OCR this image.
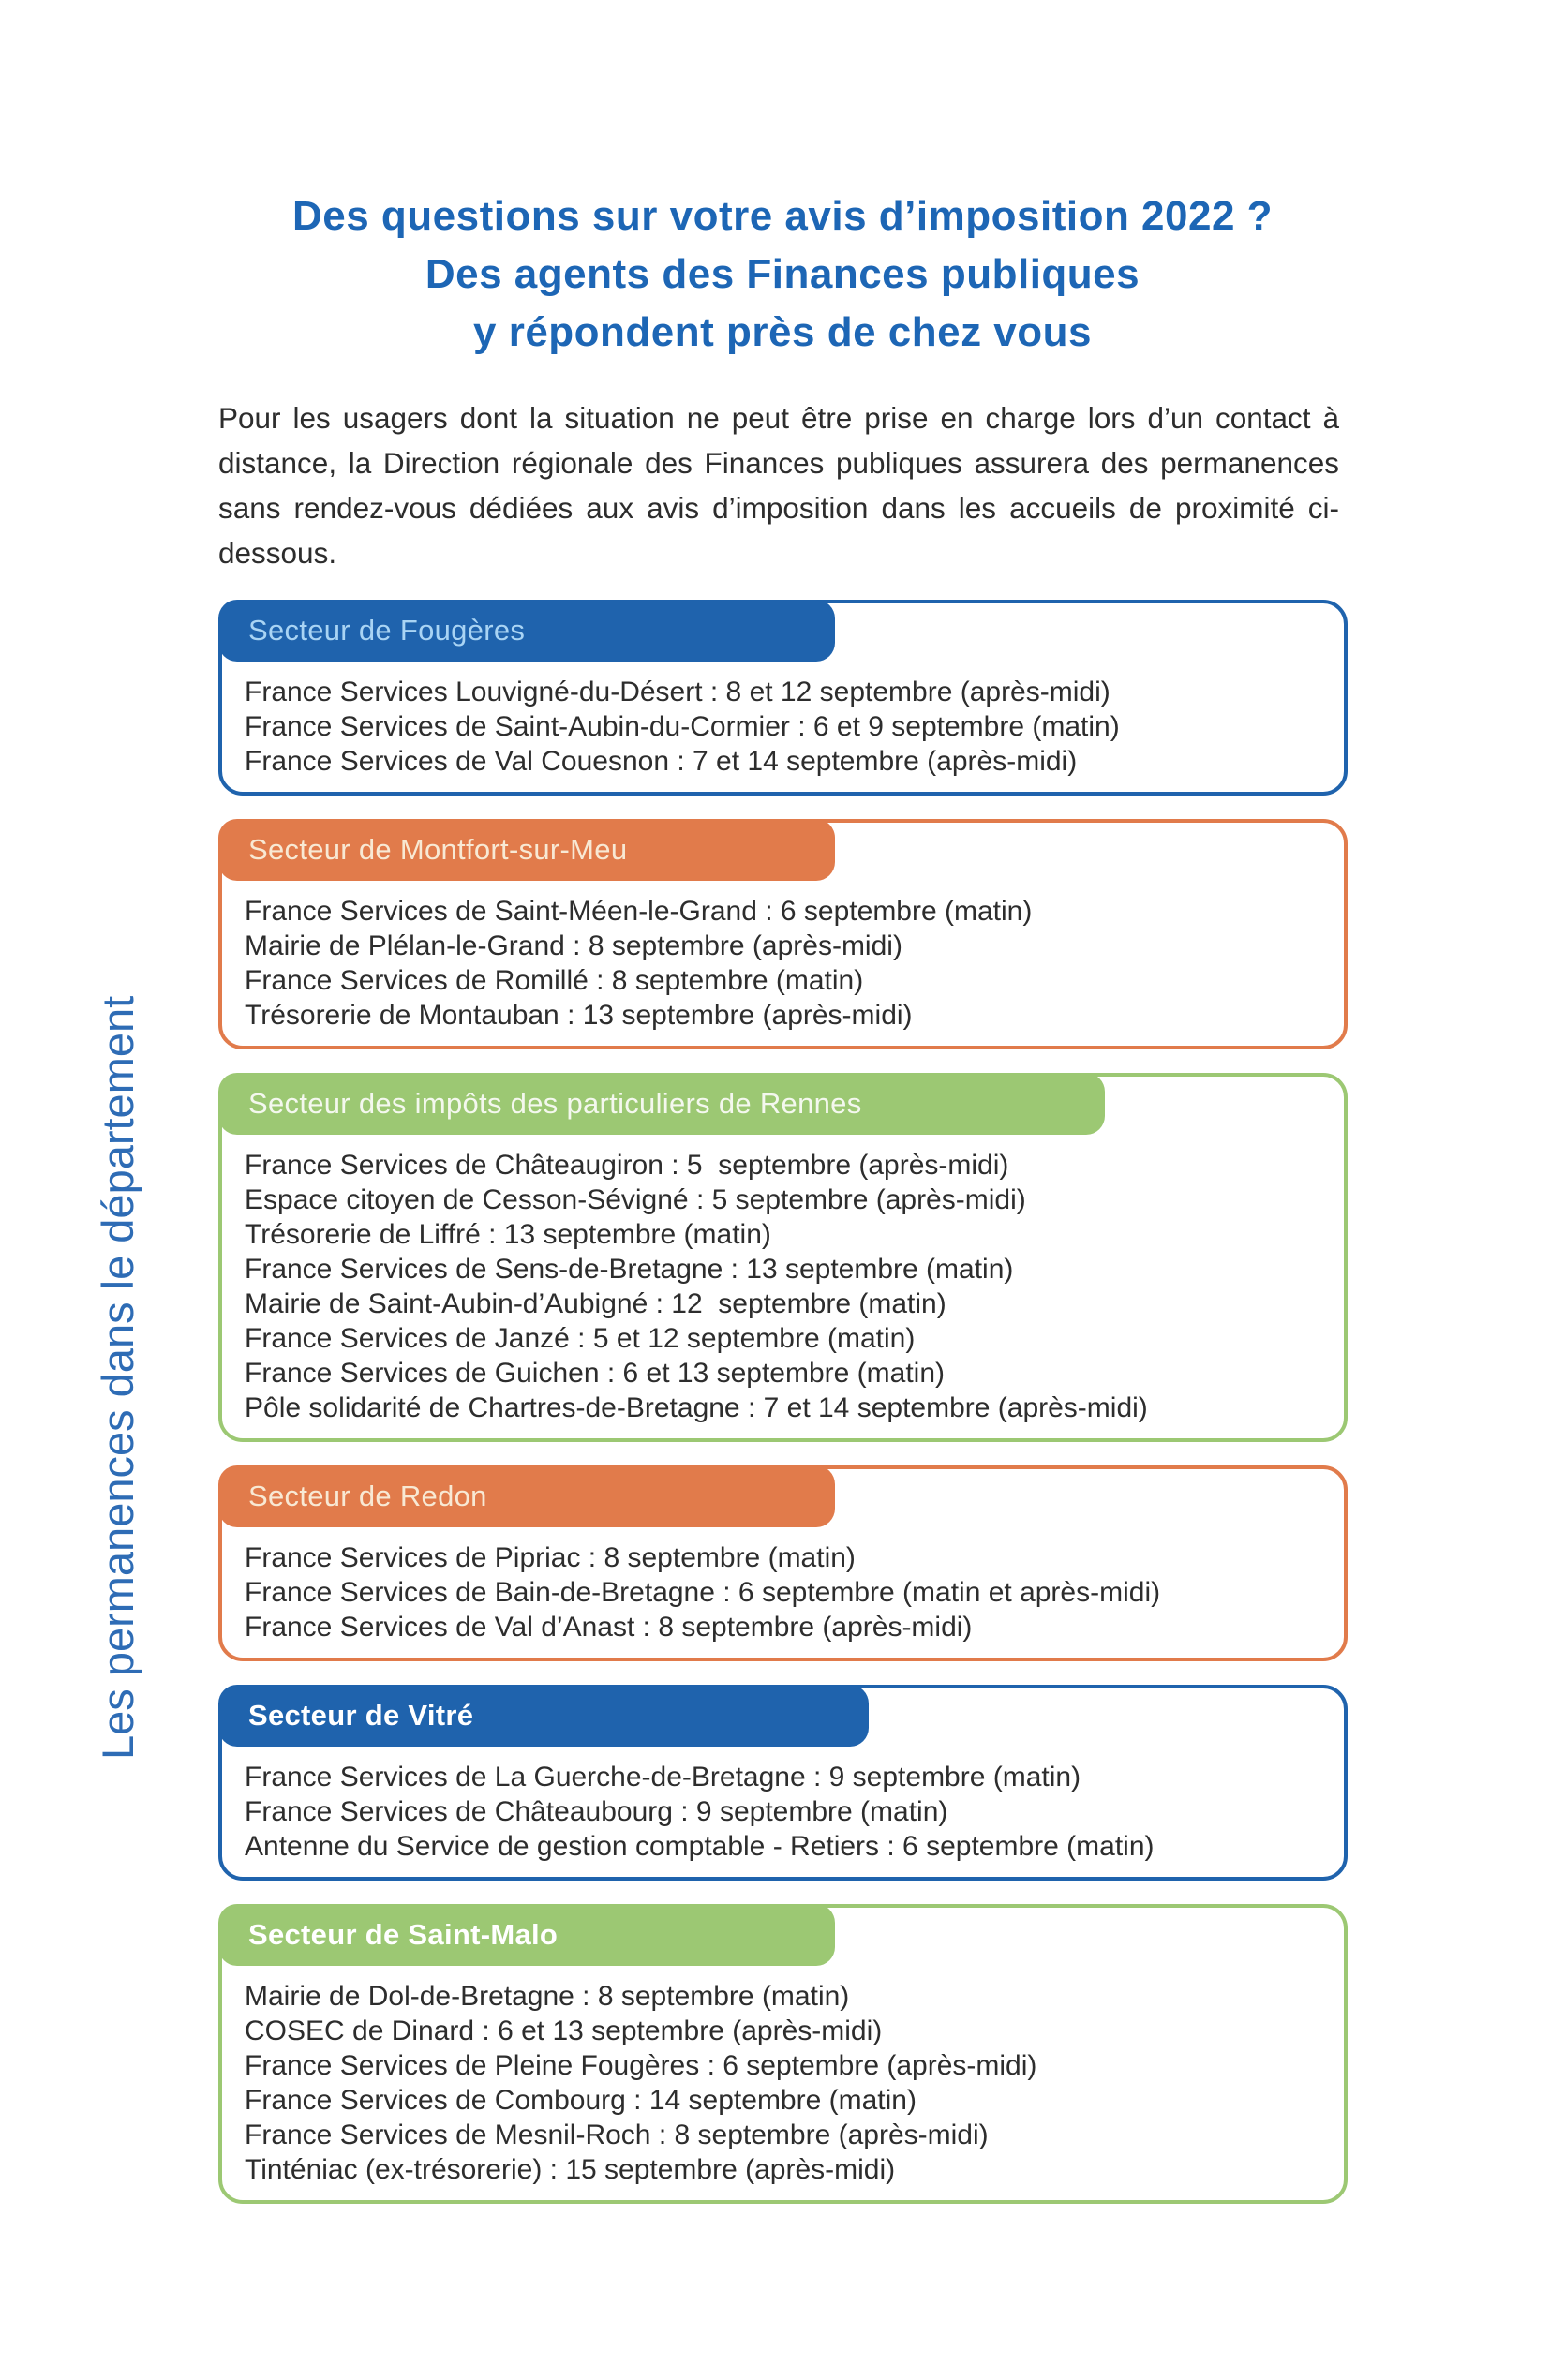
Les permanences dans le département
Des questions sur votre avis d’imposition 2022 ?
Des agents des Finances publiques
y répondent près de chez vous

Pour les usagers dont la situation ne peut être prise en charge lors d’un contact à distance, la Direction régionale des Finances publiques assurera des permanences sans rendez-vous dédiées aux avis d’imposition dans les accueils de proximité ci-dessous.

Secteur de Fougères
France Services Louvigné-du-Désert : 8 et 12 septembre (après-midi)
France Services de Saint-Aubin-du-Cormier : 6 et 9 septembre (matin)
France Services de Val Couesnon : 7 et 14 septembre (après-midi)
Secteur de Montfort-sur-Meu
France Services de Saint-Méen-le-Grand : 6 septembre (matin)
Mairie de Plélan-le-Grand : 8 septembre (après-midi)
France Services de Romillé : 8 septembre (matin)
Trésorerie de Montauban : 13 septembre (après-midi)
Secteur des impôts des particuliers de Rennes
France Services de Châteaugiron : 5  septembre (après-midi)
Espace citoyen de Cesson-Sévigné : 5 septembre (après-midi)
Trésorerie de Liffré : 13 septembre (matin)
France Services de Sens-de-Bretagne : 13 septembre (matin)
Mairie de Saint-Aubin-d’Aubigné : 12  septembre (matin)
France Services de Janzé : 5 et 12 septembre (matin)
France Services de Guichen : 6 et 13 septembre (matin)
Pôle solidarité de Chartres-de-Bretagne : 7 et 14 septembre (après-midi)
Secteur de Redon
France Services de Pipriac : 8 septembre (matin)
France Services de Bain-de-Bretagne : 6 septembre (matin et après-midi)
France Services de Val d’Anast : 8 septembre (après-midi)
Secteur de Vitré
France Services de La Guerche-de-Bretagne : 9 septembre (matin)
France Services de Châteaubourg : 9 septembre (matin)
Antenne du Service de gestion comptable - Retiers : 6 septembre (matin)
Secteur de Saint-Malo
Mairie de Dol-de-Bretagne : 8 septembre (matin)
COSEC de Dinard : 6 et 13 septembre (après-midi)
France Services de Pleine Fougères : 6 septembre (après-midi)
France Services de Combourg : 14 septembre (matin)
France Services de Mesnil-Roch : 8 septembre (après-midi)
Tinténiac (ex-trésorerie) : 15 septembre (après-midi)
